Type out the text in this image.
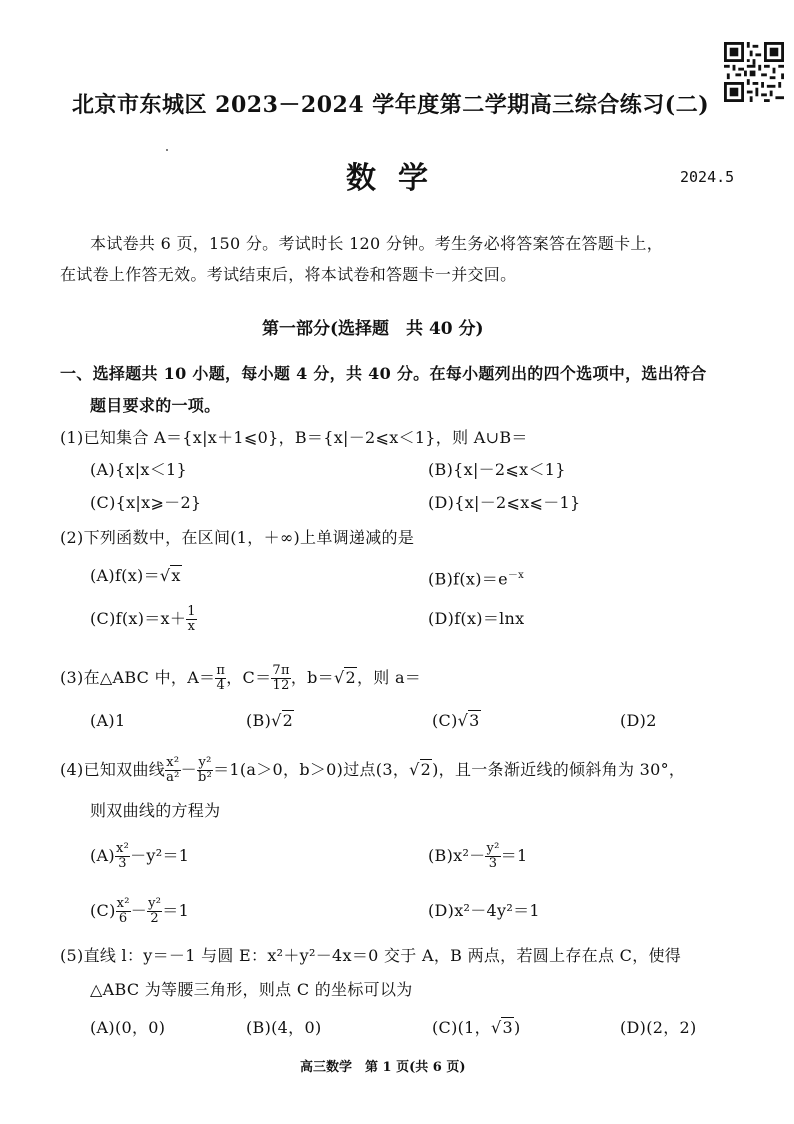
北京市东城区 2023－2024 学年度第二学期高三综合练习(二)
数学	2024.5
本试卷共 6 页，150 分。考试时长 120 分钟。考生务必将答案答在答题卡上，
在试卷上作答无效。考试结束后，将本试卷和答题卡一并交回。
第一部分(选择题　共 40 分)
一、选择题共 10 小题，每小题 4 分，共 40 分。在每小题列出的四个选项中，选出符合
题目要求的一项。
(1)已知集合 A＝{x|x＋1⩽0}，B＝{x|－2⩽x＜1}，则 A∪B＝
(A){x|x＜1}	(B){x|－2⩽x＜1}
(C){x|x⩾－2}	(D){x|－2⩽x⩽－1}
(2)下列函数中，在区间(1，＋∞)上单调递减的是
(A)f(x)＝√x	$(B)f(x)=e^{-x}$
$(C)f(x)=x+ \frac{1}{x}$	(D)f(x)＝lnx
(3)在△ABC 中，$A= \frac{\pi}{4}$ ，$C= \frac{7\pi}{12}$ ，b＝√2，则 a＝
(A)1	(B)√2	(C)√3	(D)2
(4)已知双曲线 $\frac{\text{x²}}{\text{a²}} - \frac{\text{y²}}{\text{b²}} =1(a>0$，b＞0)过点(3，√2)，且一条渐近线的倾斜角为 30°，
则双曲线的方程为
$(A) \frac{\text{x²}}{3} -y^2=1$	$(B)x^2- \frac{\text{y²}}{3} =1$
$(C) \frac{\text{x²}}{6} - \frac{\text{y²}}{2} =1$	(D)x²－4y²＝1
(5)直线 l：y＝－1 与圆 E：x²＋y²－4x＝0 交于 A，B 两点，若圆上存在点 C，使得
△ABC 为等腰三角形，则点 C 的坐标可以为
(A)(0，0)	(B)(4，0)	(C)(1，√3)	(D)(2，2)
高三数学　第 1 页(共 6 页)
